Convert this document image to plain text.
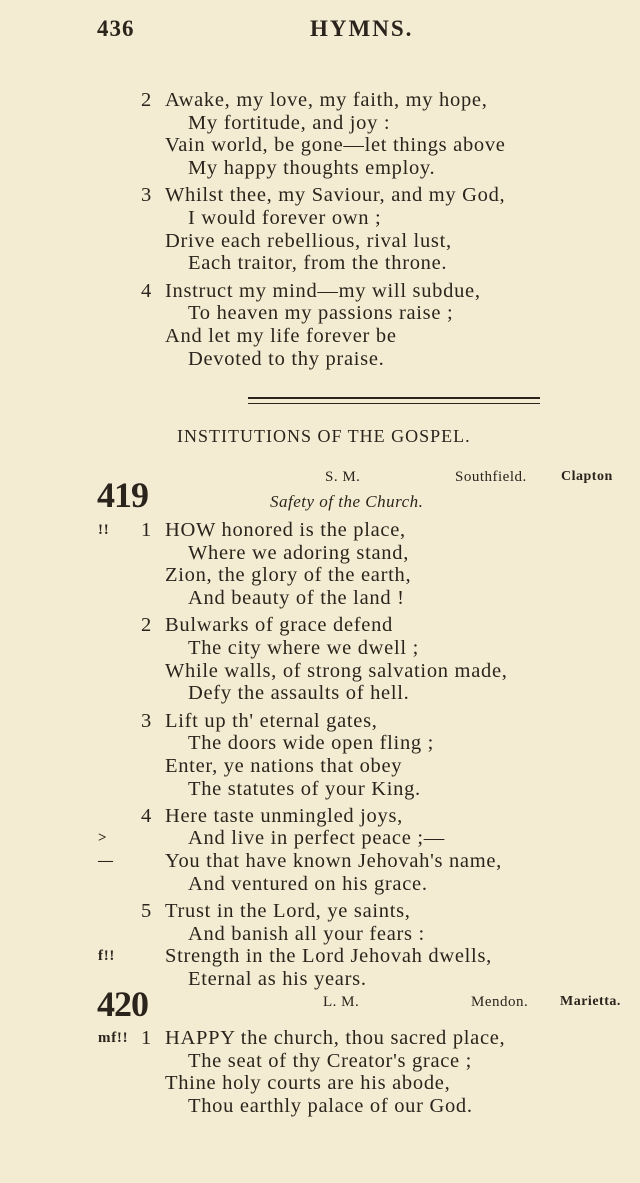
436	HYMNS.
2 Awake, my love, my faith, my hope,
My fortitude, and joy :
Vain world, be gone—let things above
My happy thoughts employ.
3 Whilst thee, my Saviour, and my God,
I would forever own ;
Drive each rebellious, rival lust,
Each traitor, from the throne.
4 Instruct my mind—my will subdue,
To heaven my passions raise ;
And let my life forever be
Devoted to thy praise.
INSTITUTIONS OF THE GOSPEL.
S. M.	Southfield. Clapton
419	Safety of the Church.
!! 1 HOW honored is the place,
Where we adoring stand,
Zion, the glory of the earth,
And beauty of the land !
2 Bulwarks of grace defend
The city where we dwell ;
While walls, of strong salvation made,
Defy the assaults of hell.
3 Lift up th' eternal gates,
The doors wide open fling ;
Enter, ye nations that obey
The statutes of your King.
4 Here taste unmingled joys,
>	And live in perfect peace ;—
—	You that have known Jehovah's name,
And ventured on his grace.
5 Trust in the Lord, ye saints,
And banish all your fears :
f!! Strength in the Lord Jehovah dwells,
Eternal as his years.
420	L. M.	Mendon. Marietta.
mf!! 1 HAPPY the church, thou sacred place,
The seat of thy Creator's grace ;
Thine holy courts are his abode,
Thou earthly palace of our God.
